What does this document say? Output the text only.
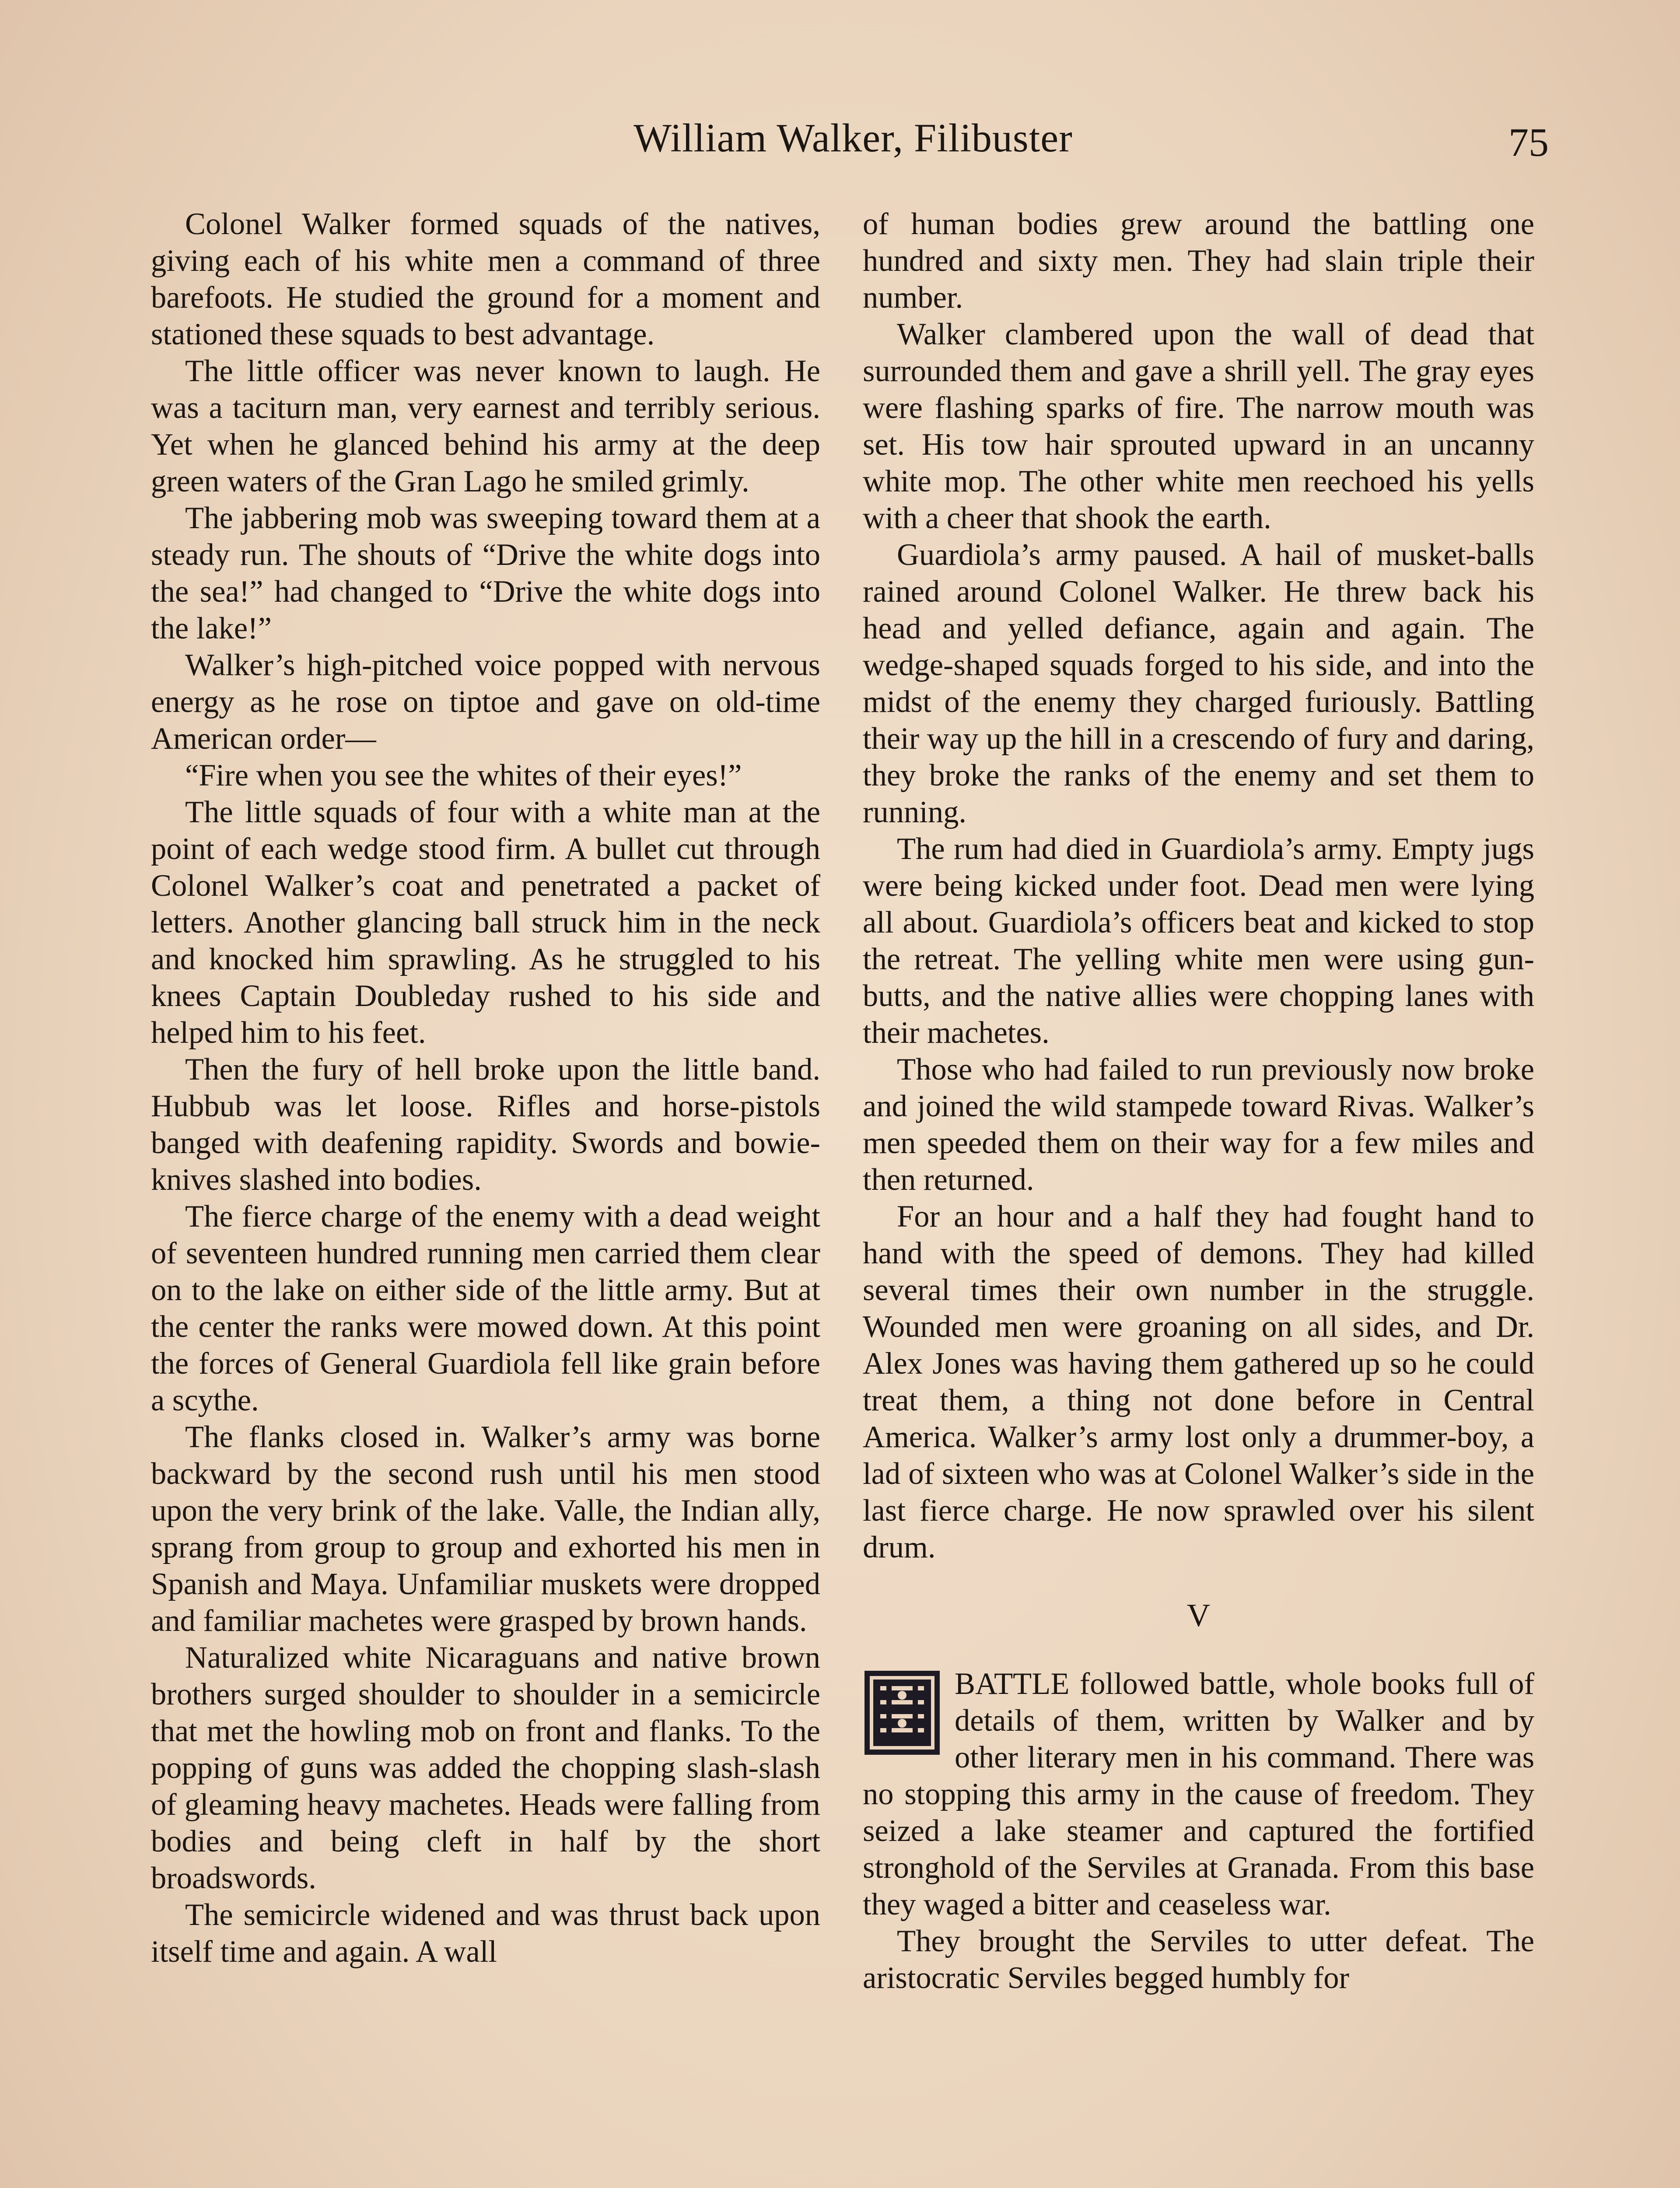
William Walker, Filibuster	75

Colonel Walker formed squads of the natives, giving each of his white men a command of three barefoots. He studied the ground for a moment and stationed these squads to best advantage.

The little officer was never known to laugh. He was a taciturn man, very earnest and terribly serious. Yet when he glanced behind his army at the deep green waters of the Gran Lago he smiled grimly.

The jabbering mob was sweeping toward them at a steady run. The shouts of “Drive the white dogs into the sea!” had changed to “Drive the white dogs into the lake!”

Walker’s high-pitched voice popped with nervous energy as he rose on tiptoe and gave on old-time American order—

“Fire when you see the whites of their eyes!”

The little squads of four with a white man at the point of each wedge stood firm. A bullet cut through Colonel Walker’s coat and penetrated a packet of letters. Another glancing ball struck him in the neck and knocked him sprawling. As he struggled to his knees Captain Doubleday rushed to his side and helped him to his feet.

Then the fury of hell broke upon the little band. Hubbub was let loose. Rifles and horse-pistols banged with deafening rapidity. Swords and bowie-knives slashed into bodies.

The fierce charge of the enemy with a dead weight of seventeen hundred running men carried them clear on to the lake on either side of the little army. But at the center the ranks were mowed down. At this point the forces of General Guardiola fell like grain before a scythe.

The flanks closed in. Walker’s army was borne backward by the second rush until his men stood upon the very brink of the lake. Valle, the Indian ally, sprang from group to group and exhorted his men in Spanish and Maya. Unfamiliar muskets were dropped and familiar machetes were grasped by brown hands.

Naturalized white Nicaraguans and native brown brothers surged shoulder to shoulder in a semicircle that met the howling mob on front and flanks. To the popping of guns was added the chopping slash-slash of gleaming heavy machetes. Heads were falling from bodies and being cleft in half by the short broadswords.

The semicircle widened and was thrust back upon itself time and again. A wall

of human bodies grew around the battling one hundred and sixty men. They had slain triple their number.

Walker clambered upon the wall of dead that surrounded them and gave a shrill yell. The gray eyes were flashing sparks of fire. The narrow mouth was set. His tow hair sprouted upward in an uncanny white mop. The other white men reechoed his yells with a cheer that shook the earth.

Guardiola’s army paused. A hail of musket-balls rained around Colonel Walker. He threw back his head and yelled defiance, again and again. The wedge-shaped squads forged to his side, and into the midst of the enemy they charged furiously. Battling their way up the hill in a crescendo of fury and daring, they broke the ranks of the enemy and set them to running.

The rum had died in Guardiola’s army. Empty jugs were being kicked under foot. Dead men were lying all about. Guardiola’s officers beat and kicked to stop the retreat. The yelling white men were using gun-butts, and the native allies were chopping lanes with their machetes.

Those who had failed to run previously now broke and joined the wild stampede toward Rivas. Walker’s men speeded them on their way for a few miles and then returned.

For an hour and a half they had fought hand to hand with the speed of demons. They had killed several times their own number in the struggle. Wounded men were groaning on all sides, and Dr. Alex Jones was having them gathered up so he could treat them, a thing not done before in Central America. Walker’s army lost only a drummer-boy, a lad of sixteen who was at Colonel Walker’s side in the last fierce charge. He now sprawled over his silent drum.

V

BATTLE followed battle, whole books full of details of them, written by Walker and by other literary men in his command. There was no stopping this army in the cause of freedom. They seized a lake steamer and captured the fortified stronghold of the Serviles at Granada. From this base they waged a bitter and ceaseless war.

They brought the Serviles to utter defeat. The aristocratic Serviles begged humbly for
